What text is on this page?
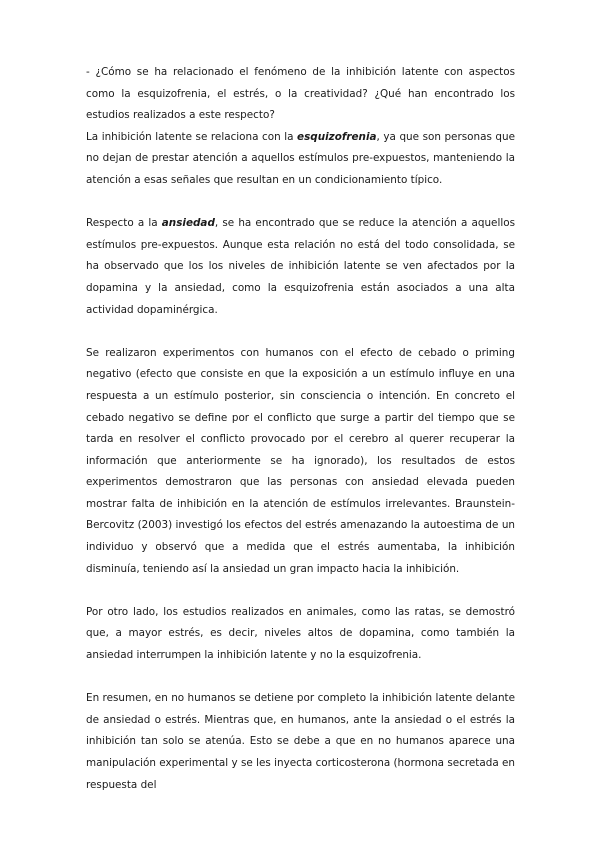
- ¿Cómo se ha relacionado el fenómeno de la inhibición latente con aspectos como la esquizofrenia, el estrés, o la creatividad? ¿Qué han encontrado los estudios realizados a este respecto?

La inhibición latente se relaciona con la esquizofrenia, ya que son personas que no dejan de prestar atención a aquellos estímulos pre-expuestos, manteniendo la atención a esas señales que resultan en un condicionamiento típico.

Respecto a la ansiedad, se ha encontrado que se reduce la atención a aquellos estímulos pre-expuestos. Aunque esta relación no está del todo consolidada, se ha observado que los los niveles de inhibición latente se ven afectados por la dopamina y la ansiedad, como la esquizofrenia están asociados a una alta actividad dopaminérgica.

Se realizaron experimentos con humanos con el efecto de cebado o priming negativo (efecto que consiste en que la exposición a un estímulo influye en una respuesta a un estímulo posterior, sin consciencia o intención. En concreto el cebado negativo se define por el conflicto que surge a partir del tiempo que se tarda en resolver el conflicto provocado por el cerebro al querer recuperar la información que anteriormente se ha ignorado), los resultados de estos experimentos demostraron que las personas con ansiedad elevada pueden mostrar falta de inhibición en la atención de estímulos irrelevantes. Braunstein-Bercovitz (2003) investigó los efectos del estrés amenazando la autoestima de un individuo y observó que a medida que el estrés aumentaba, la inhibición disminuía, teniendo así la ansiedad un gran impacto hacia la inhibición.

Por otro lado, los estudios realizados en animales, como las ratas, se demostró que, a mayor estrés, es decir, niveles altos de dopamina, como también la ansiedad interrumpen la inhibición latente y no la esquizofrenia.

En resumen, en no humanos se detiene por completo la inhibición latente delante de ansiedad o estrés. Mientras que, en humanos, ante la ansiedad o el estrés la inhibición tan solo se atenúa. Esto se debe a que en no humanos aparece una manipulación experimental y se les inyecta corticosterona (hormona secretada en respuesta del
